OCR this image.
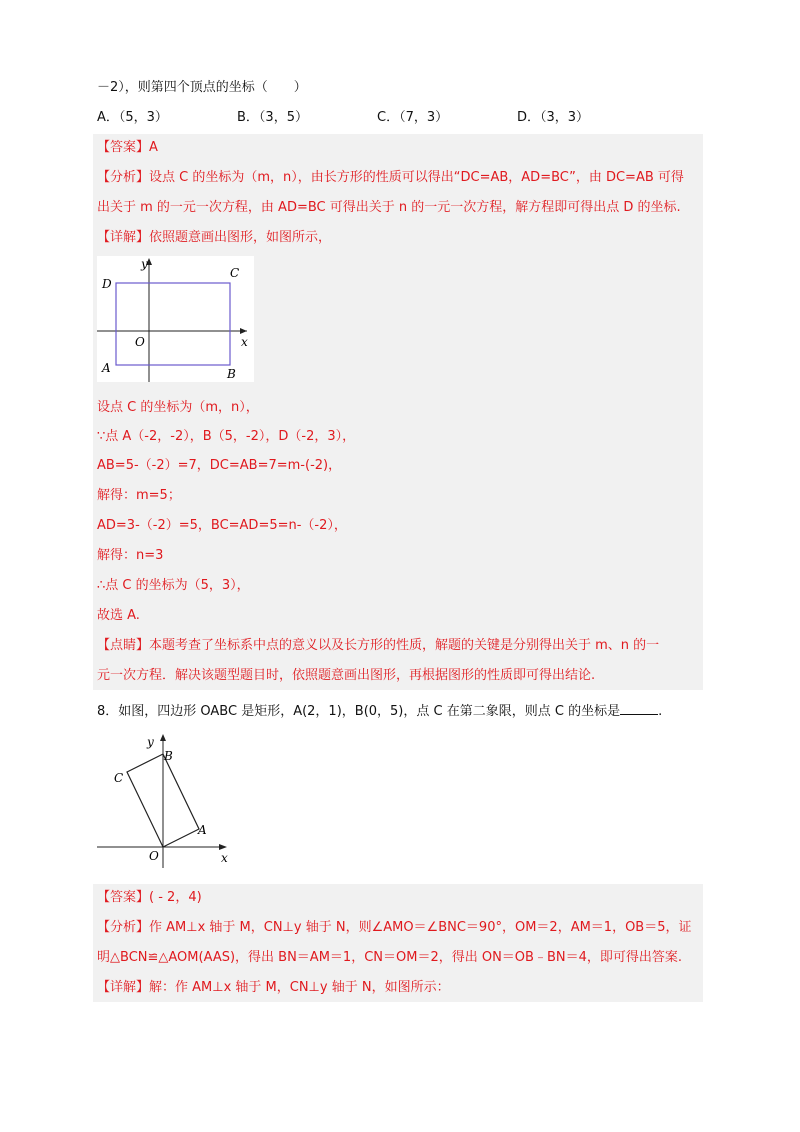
－2），则第四个顶点的坐标（　　）
A．（5，3）	B．（3，5）	C．（7，3）	D．（3，3）
【答案】A
【分析】设点 C 的坐标为（m，n），由长方形的性质可以得出“DC=AB，AD=BC”，由 DC=AB 可得
出关于 m 的一元一次方程，由 AD=BC 可得出关于 n 的一元一次方程，解方程即可得出点 D 的坐标.
【详解】依照题意画出图形，如图所示，
y
x
O
A	B
C
D
设点 C 的坐标为（m，n），
∵点 A（-2，-2），B（5，-2），D（-2，3），
AB=5-（-2）=7，DC=AB=7=m-(-2)，
解得：m=5；
AD=3-（-2）=5，BC=AD=5=n-（-2），
解得：n=3
∴点 C 的坐标为（5，3），
故选 A.
【点睛】本题考查了坐标系中点的意义以及长方形的性质，解题的关键是分别得出关于 m、n 的一
元一次方程．解决该题型题目时，依照题意画出图形，再根据图形的性质即可得出结论.
8．如图，四边形 OABC 是矩形，A(2，1)，B(0，5)，点 C 在第二象限，则点 C 的坐标是	.
y
x
O
A
B
C
【答案】( - 2，4)
【分析】作 AM⊥x 轴于 M，CN⊥y 轴于 N，则∠AMO＝∠BNC＝90°，OM＝2，AM＝1，OB＝5，证
明△BCN≌△AOM(AAS)，得出 BN＝AM＝1，CN＝OM＝2，得出 ON＝OB﹣BN＝4，即可得出答案.
【详解】解：作 AM⊥x 轴于 M，CN⊥y 轴于 N，如图所示：
